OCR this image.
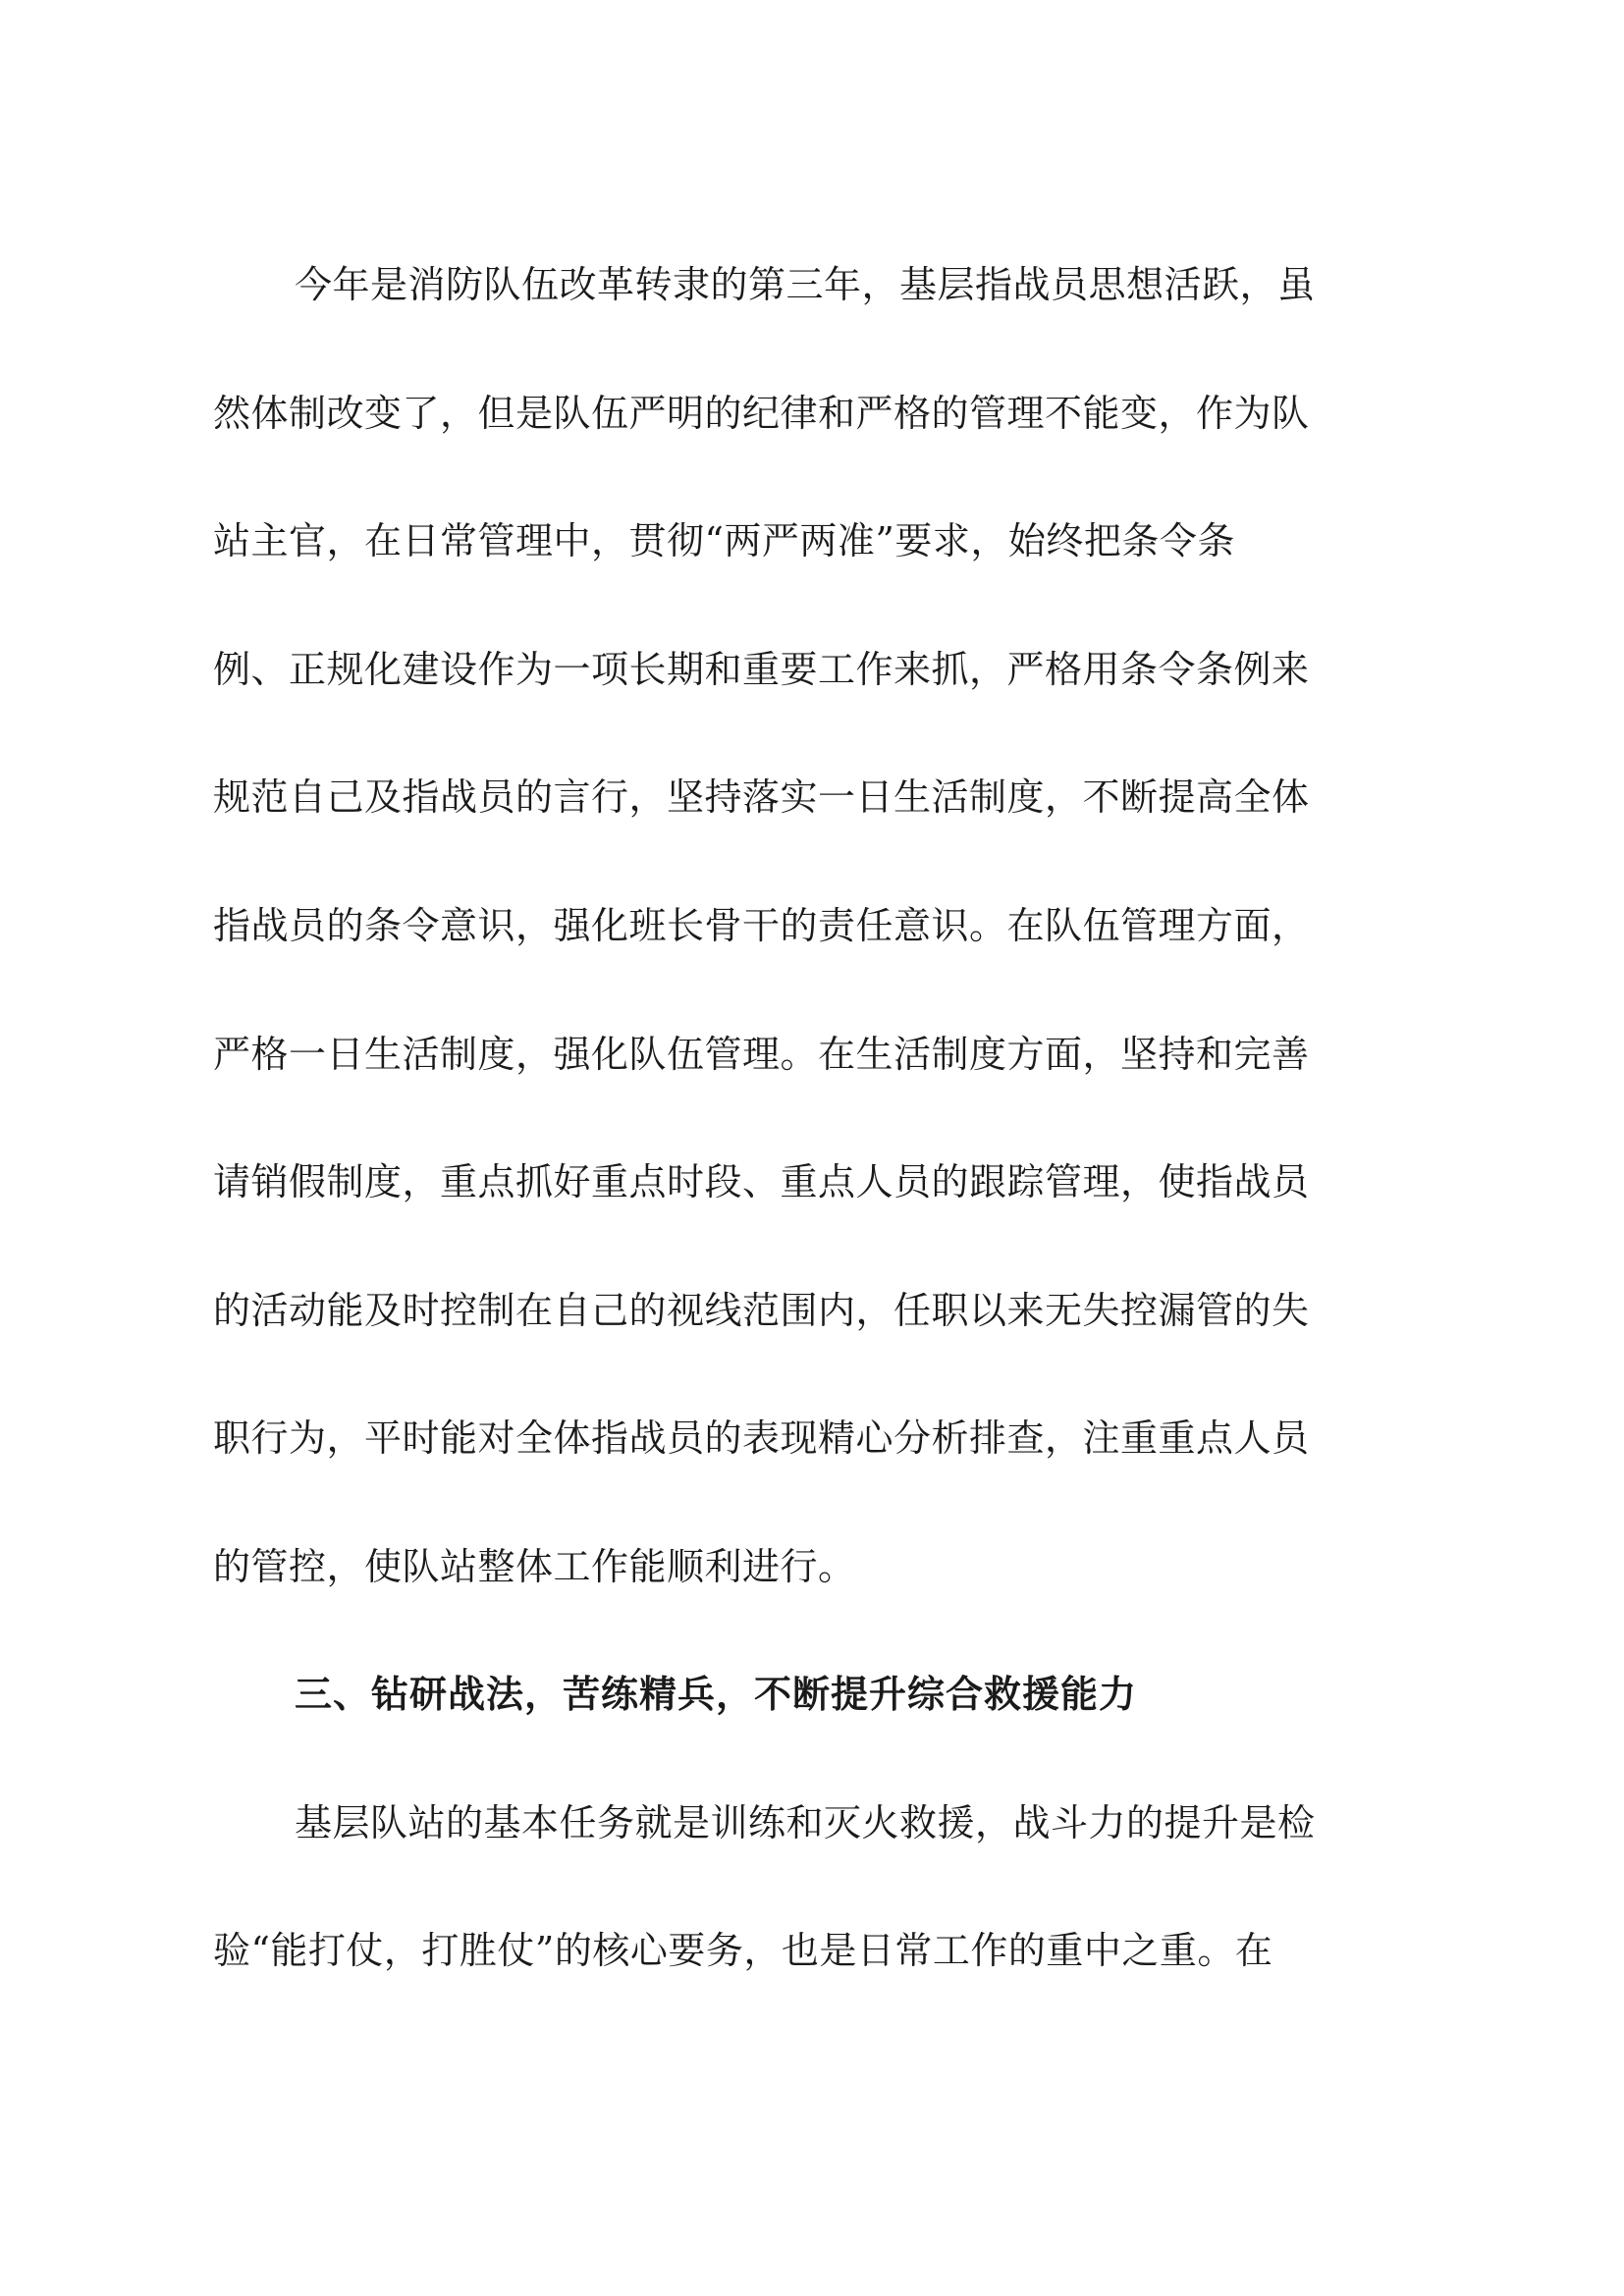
今年是消防队伍改革转隶的第三年，基层指战员思想活跃，虽
然体制改变了，但是队伍严明的纪律和严格的管理不能变，作为队
站主官，在日常管理中，贯彻“两严两准”要求，始终把条令条
例、正规化建设作为一项长期和重要工作来抓，严格用条令条例来
规范自己及指战员的言行，坚持落实一日生活制度，不断提高全体
指战员的条令意识，强化班长骨干的责任意识。在队伍管理方面，
严格一日生活制度，强化队伍管理。在生活制度方面，坚持和完善
请销假制度，重点抓好重点时段、重点人员的跟踪管理，使指战员
的活动能及时控制在自己的视线范围内，任职以来无失控漏管的失
职行为，平时能对全体指战员的表现精心分析排查，注重重点人员
的管控，使队站整体工作能顺利进行。
三、钻研战法，苦练精兵，不断提升综合救援能力
基层队站的基本任务就是训练和灭火救援，战斗力的提升是检
验“能打仗，打胜仗”的核心要务，也是日常工作的重中之重。在
